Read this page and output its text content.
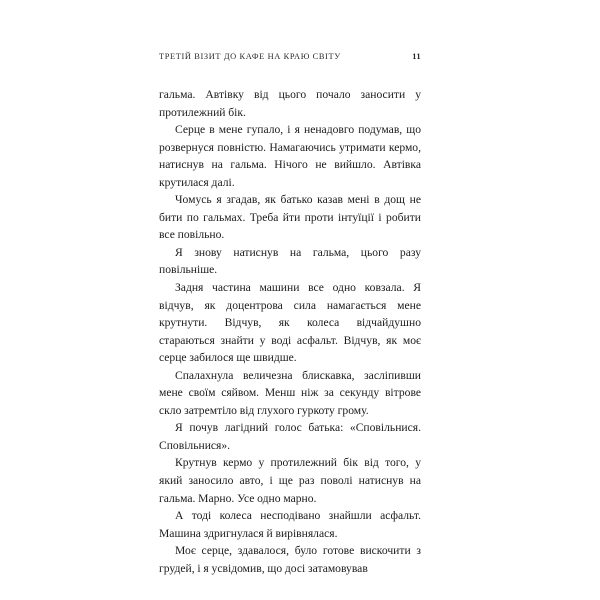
ТРЕТІЙ ВІЗИТ ДО КАФЕ НА КРАЮ СВІТУ	11

гальма. Автівку від цього почало заносити у протилежний бік.

Серце в мене гупало, і я ненадовго подумав, що розвернуся повністю. Намагаючись утримати кермо, натиснув на гальма. Нічого не вийшло. Автівка крутилася далі.

Чомусь я згадав, як батько казав мені в дощ не бити по гальмах. Треба йти проти інтуїції і робити все повільно.

Я знову натиснув на гальма, цього разу повільніше.

Задня частина машини все одно ковзала. Я відчув, як доцентрова сила намагається мене крутнути. Відчув, як колеса відчайдушно стараються знайти у воді асфальт. Відчув, як моє серце забилося ще швидше.

Спалахнула величезна блискавка, засліпивши мене своїм сяйвом. Менш ніж за секунду вітрове скло затремтіло від глухого гуркоту грому.

Я почув лагідний голос батька: «Сповільнися. Сповільнися».

Крутнув кермо у протилежний бік від того, у який заносило авто, і ще раз поволі натиснув на гальма. Марно. Усе одно марно.

А тоді колеса несподівано знайшли асфальт. Машина здригнулася й вирівнялася.

Моє серце, здавалося, було готове вискочити з грудей, і я усвідомив, що досі затамовував
